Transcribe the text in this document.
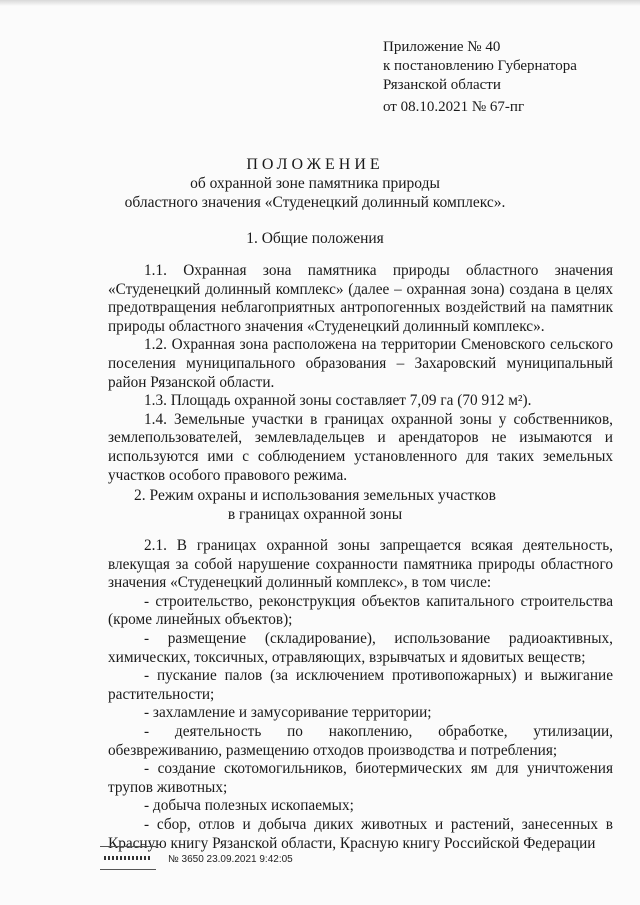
Приложение № 40
к постановлению Губернатора
Рязанской области
от 08.10.2021 № 67-пг
ПОЛОЖЕНИЕ
об охранной зоне памятника природы
областного значения «Студенецкий долинный комплекс».
1. Общие положения

1.1. Охранная зона памятника природы областного значения «Студенецкий долинный комплекс» (далее – охранная зона) создана в целях предотвращения неблагоприятных антропогенных воздействий на памятник природы областного значения «Студенецкий долинный комплекс».

1.2. Охранная зона расположена на территории Сменовского сельского поселения муниципального образования – Захаровский муниципальный район Рязанской области.

1.3. Площадь охранной зоны составляет 7,09 га (70 912 м²).

1.4. Земельные участки в границах охранной зоны у собственников, землепользователей, землевладельцев и арендаторов не изымаются и используются ими с соблюдением установленного для таких земельных участков особого правового режима.

2. Режим охраны и использования земельных участков
в границах охранной зоны

2.1. В границах охранной зоны запрещается всякая деятельность, влекущая за собой нарушение сохранности памятника природы областного значения «Студенецкий долинный комплекс», в том числе:

- строительство, реконструкция объектов капитального строительства (кроме линейных объектов);

- размещение (складирование), использование радиоактивных, химических, токсичных, отравляющих, взрывчатых и ядовитых веществ;

- пускание палов (за исключением противопожарных) и выжигание растительности;

- захламление и замусоривание территории;

- деятельность по накоплению, обработке, утилизации, обезвреживанию, размещению отходов производства и потребления;

- создание скотомогильников, биотермических ям для уничтожения трупов животных;

- добыча полезных ископаемых;

- сбор, отлов и добыча диких животных и растений, занесенных в Красную книгу Рязанской области, Красную книгу Российской Федерации

№ 3650 23.09.2021 9:42:05
